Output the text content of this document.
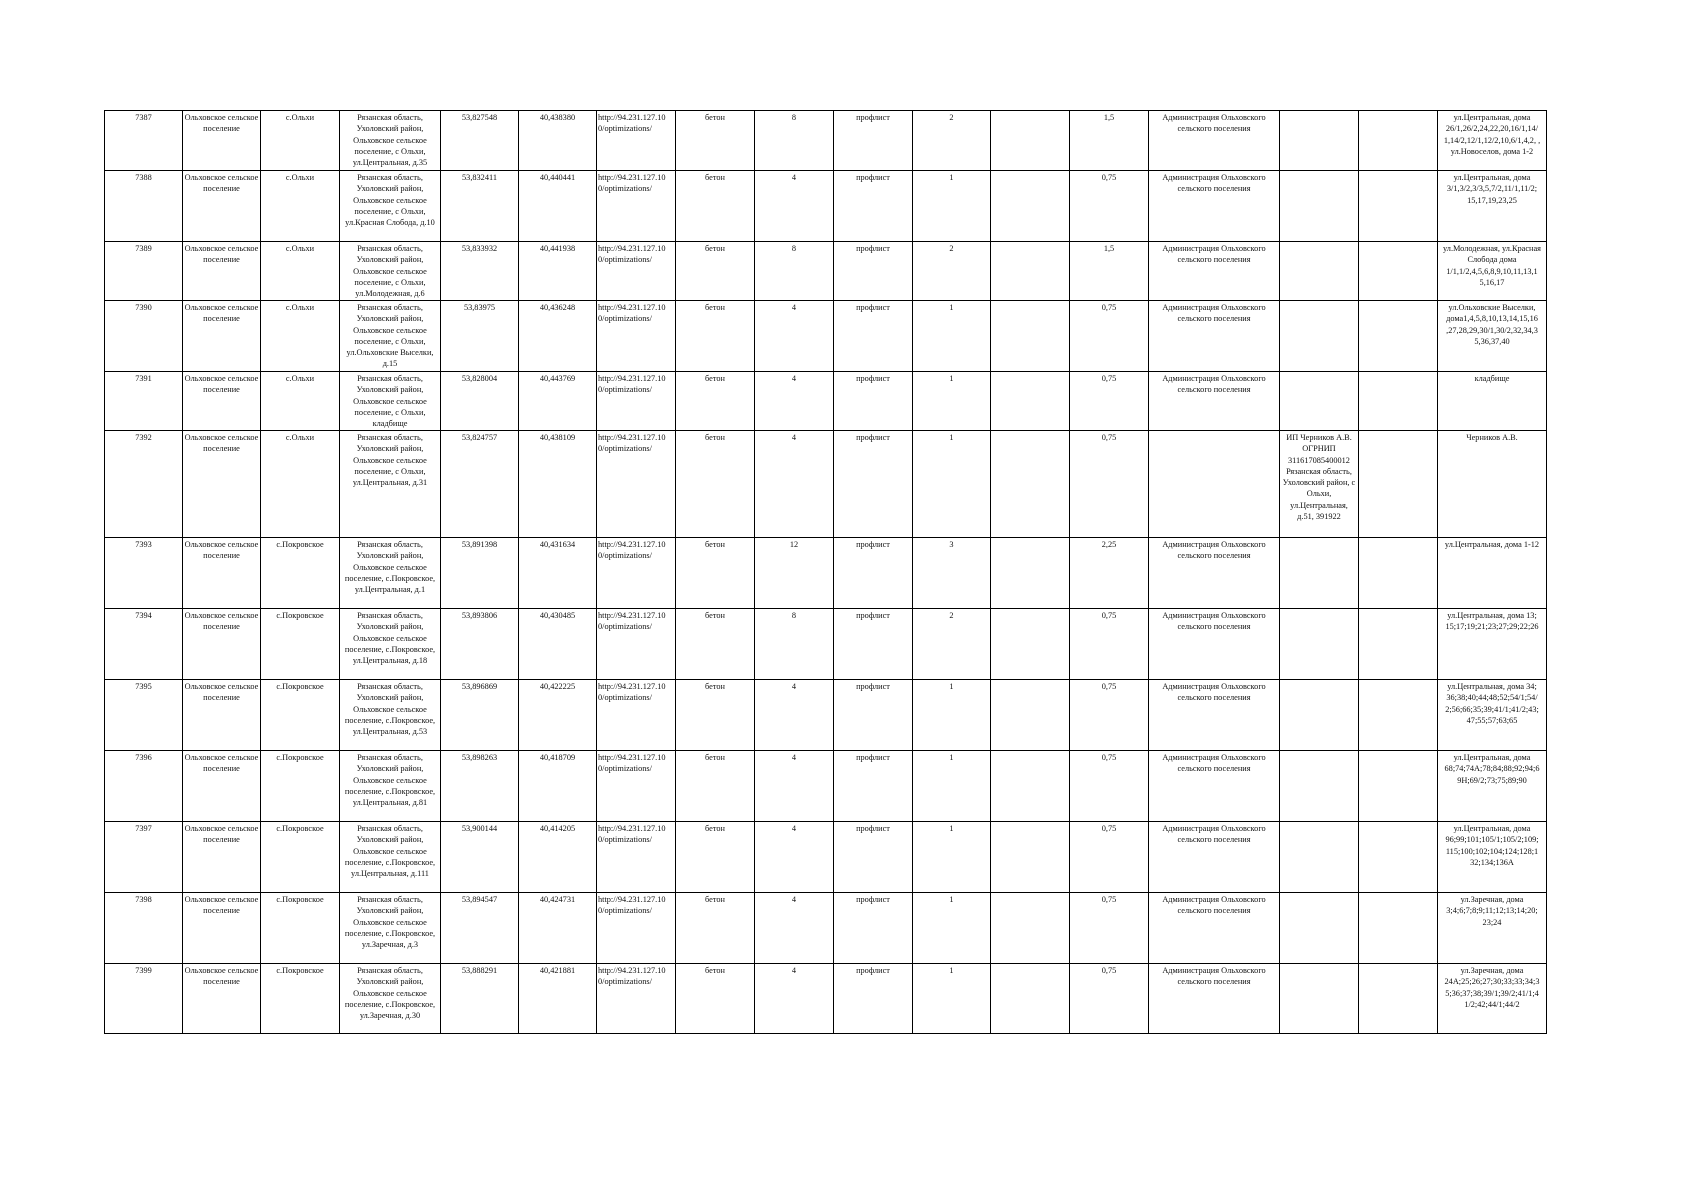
7387	Ольховское сельское поселение	с.Ольхи	Рязанская область, Ухоловский район, Ольховское сельское поселение, с Ольхи, ул.Центральная, д.35	53,827548	40,438380	http://94.231.127.10 0/optimizations/	бетон	8	профлист	2		1,5	Администрация Ольховского сельского поселения			ул.Центральная, дома 26/1,26/2,24,22,20,16/1,14/ 1,14/2,12/1,12/2,10,6/1,4,2, , ул.Новоселов, дома 1-2
7388	Ольховское сельское поселение	с.Ольхи	Рязанская область, Ухоловский район, Ольховское сельское поселение, с Ольхи, ул.Красная Слобода, д.10	53,832411	40,440441	http://94.231.127.10 0/optimizations/	бетон	4	профлист	1		0,75	Администрация Ольховского сельского поселения			ул.Центральная, дома 3/1,3/2,3/3,5,7/2,11/1,11/2; 15,17,19,23,25
7389	Ольховское сельское поселение	с.Ольхи	Рязанская область, Ухоловский район, Ольховское сельское поселение, с Ольхи, ул.Молодежная, д.6	53,833932	40,441938	http://94.231.127.10 0/optimizations/	бетон	8	профлист	2		1,5	Администрация Ольховского сельского поселения			ул.Молодежная, ул.Красная Слобода дома 1/1,1/2,4,5,6,8,9,10,11,13,1 5,16,17
7390	Ольховское сельское поселение	с.Ольхи	Рязанская область, Ухоловский район, Ольховское сельское поселение, с Ольхи, ул.Ольховские Выселки, д.15	53,83975	40,436248	http://94.231.127.10 0/optimizations/	бетон	4	профлист	1		0,75	Администрация Ольховского сельского поселения			ул.Ольховские Выселки, дома1,4,5,8,10,13,14,15,16 ,27,28,29,30/1,30/2,32,34,3 5,36,37,40
7391	Ольховское сельское поселение	с.Ольхи	Рязанская область, Ухоловский район, Ольховское сельское поселение, с Ольхи, кладбище	53,828004	40,443769	http://94.231.127.10 0/optimizations/	бетон	4	профлист	1		0,75	Администрация Ольховского сельского поселения			кладбище
7392	Ольховское сельское поселение	с.Ольхи	Рязанская область, Ухоловский район, Ольховское сельское поселение, с Ольхи, ул.Центральная, д.31	53,824757	40,438109	http://94.231.127.10 0/optimizations/	бетон	4	профлист	1		0,75		ИП Черников А.В. ОГРНИП 311617085400012 Рязанская область, Ухоловский район, с Ольхи, ул.Центральная, д.51, 391922		Черников А.В.
7393	Ольховское сельское поселение	с.Покровское	Рязанская область, Ухоловский район, Ольховское сельское поселение, с.Покровское, ул.Центральная, д.1	53,891398	40,431634	http://94.231.127.10 0/optimizations/	бетон	12	профлист	3		2,25	Администрация Ольховского сельского поселения			ул.Центральная, дома 1-12
7394	Ольховское сельское поселение	с.Покровское	Рязанская область, Ухоловский район, Ольховское сельское поселение, с.Покровское, ул.Центральная, д.18	53,893806	40,430485	http://94.231.127.10 0/optimizations/	бетон	8	профлист	2		0,75	Администрация Ольховского сельского поселения			ул.Центральная, дома 13; 15;17;19;21;23;27;29;22;26
7395	Ольховское сельское поселение	с.Покровское	Рязанская область, Ухоловский район, Ольховское сельское поселение, с.Покровское, ул.Центральная, д.53	53,896869	40,422225	http://94.231.127.10 0/optimizations/	бетон	4	профлист	1		0,75	Администрация Ольховского сельского поселения			ул.Центральная, дома 34; 36;38;40;44;48;52;54/1;54/ 2;56;66;35;39;41/1;41/2;43; 47;55;57;63;65
7396	Ольховское сельское поселение	с.Покровское	Рязанская область, Ухоловский район, Ольховское сельское поселение, с.Покровское, ул.Центральная, д.81	53,898263	40,418709	http://94.231.127.10 0/optimizations/	бетон	4	профлист	1		0,75	Администрация Ольховского сельского поселения			ул.Центральная, дома 68;74;74А;78;84;88;92;94;6 9Н;69/2;73;75;89;90
7397	Ольховское сельское поселение	с.Покровское	Рязанская область, Ухоловский район, Ольховское сельское поселение, с.Покровское, ул.Центральная, д.111	53,900144	40,414205	http://94.231.127.10 0/optimizations/	бетон	4	профлист	1		0,75	Администрация Ольховского сельского поселения			ул.Центральная, дома 96;99;101;105/1;105/2;109; 115;100;102;104;124;128;1 32;134;136А
7398	Ольховское сельское поселение	с.Покровское	Рязанская область, Ухоловский район, Ольховское сельское поселение, с.Покровское, ул.Заречная, д.3	53,894547	40,424731	http://94.231.127.10 0/optimizations/	бетон	4	профлист	1		0,75	Администрация Ольховского сельского поселения			ул.Заречная, дома 3;4;6;7;8;9;11;12;13;14;20; 23;24
7399	Ольховское сельское поселение	с.Покровское	Рязанская область, Ухоловский район, Ольховское сельское поселение, с.Покровское, ул.Заречная, д.30	53,888291	40,421881	http://94.231.127.10 0/optimizations/	бетон	4	профлист	1		0,75	Администрация Ольховского сельского поселения			ул.Заречная, дома 24А;25;26;27;30;33;33;34;3 5;36;37;38;39/1;39/2;41/1;4 1/2;42;44/1;44/2
